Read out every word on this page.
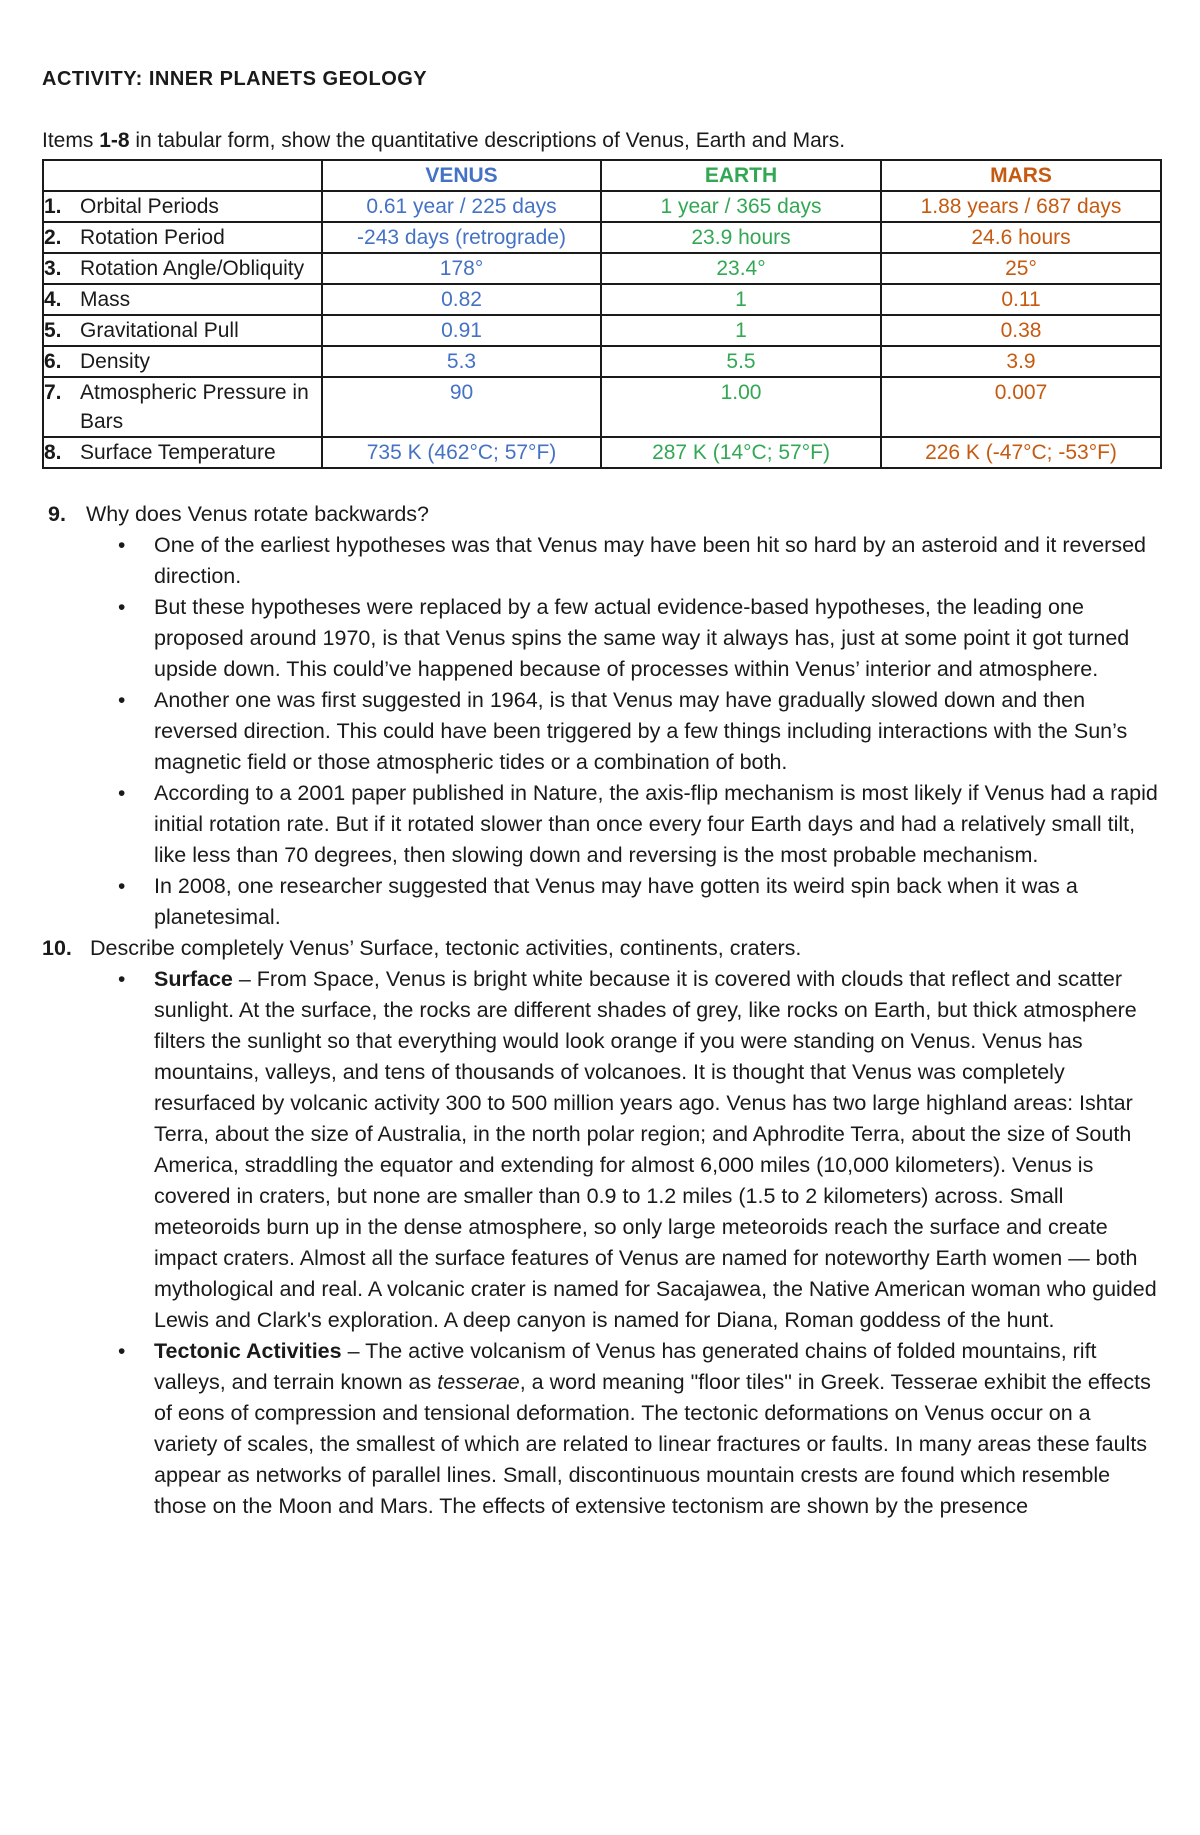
ACTIVITY: INNER PLANETS GEOLOGY
Items 1-8 in tabular form, show the quantitative descriptions of Venus, Earth and Mars.
	VENUS	EARTH	MARS
1. Orbital Periods	0.61 year / 225 days	1 year / 365 days	1.88 years / 687 days
2. Rotation Period	-243 days (retrograde)	23.9 hours	24.6 hours
3. Rotation Angle/Obliquity	178°	23.4°	25°
4. Mass	0.82	1	0.11
5. Gravitational Pull	0.91	1	0.38
6. Density	5.3	5.5	3.9
7. Atmospheric Pressure in Bars	90	1.00	0.007
8. Surface Temperature	735 K (462°C; 57°F)	287 K (14°C; 57°F)	226 K (-47°C; -53°F)

9. Why does Venus rotate backwards?

• One of the earliest hypotheses was that Venus may have been hit so hard by an asteroid and it reversed direction.
• But these hypotheses were replaced by a few actual evidence-based hypotheses, the leading one proposed around 1970, is that Venus spins the same way it always has, just at some point it got turned upside down. This could’ve happened because of processes within Venus’ interior and atmosphere.
• Another one was first suggested in 1964, is that Venus may have gradually slowed down and then reversed direction. This could have been triggered by a few things including interactions with the Sun’s magnetic field or those atmospheric tides or a combination of both.
• According to a 2001 paper published in Nature, the axis-flip mechanism is most likely if Venus had a rapid initial rotation rate. But if it rotated slower than once every four Earth days and had a relatively small tilt, like less than 70 degrees, then slowing down and reversing is the most probable mechanism.
• In 2008, one researcher suggested that Venus may have gotten its weird spin back when it was a planetesimal.

10. Describe completely Venus’ Surface, tectonic activities, continents, craters.

• Surface – From Space, Venus is bright white because it is covered with clouds that reflect and scatter sunlight. At the surface, the rocks are different shades of grey, like rocks on Earth, but thick atmosphere filters the sunlight so that everything would look orange if you were standing on Venus. Venus has mountains, valleys, and tens of thousands of volcanoes. It is thought that Venus was completely resurfaced by volcanic activity 300 to 500 million years ago. Venus has two large highland areas: Ishtar Terra, about the size of Australia, in the north polar region; and Aphrodite Terra, about the size of South America, straddling the equator and extending for almost 6,000 miles (10,000 kilometers). Venus is covered in craters, but none are smaller than 0.9 to 1.2 miles (1.5 to 2 kilometers) across. Small meteoroids burn up in the dense atmosphere, so only large meteoroids reach the surface and create impact craters. Almost all the surface features of Venus are named for noteworthy Earth women — both mythological and real. A volcanic crater is named for Sacajawea, the Native American woman who guided Lewis and Clark's exploration. A deep canyon is named for Diana, Roman goddess of the hunt.
• Tectonic Activities – The active volcanism of Venus has generated chains of folded mountains, rift valleys, and terrain known as tesserae, a word meaning "floor tiles" in Greek. Tesserae exhibit the effects of eons of compression and tensional deformation. The tectonic deformations on Venus occur on a variety of scales, the smallest of which are related to linear fractures or faults. In many areas these faults appear as networks of parallel lines. Small, discontinuous mountain crests are found which resemble those on the Moon and Mars. The effects of extensive tectonism are shown by the presence
